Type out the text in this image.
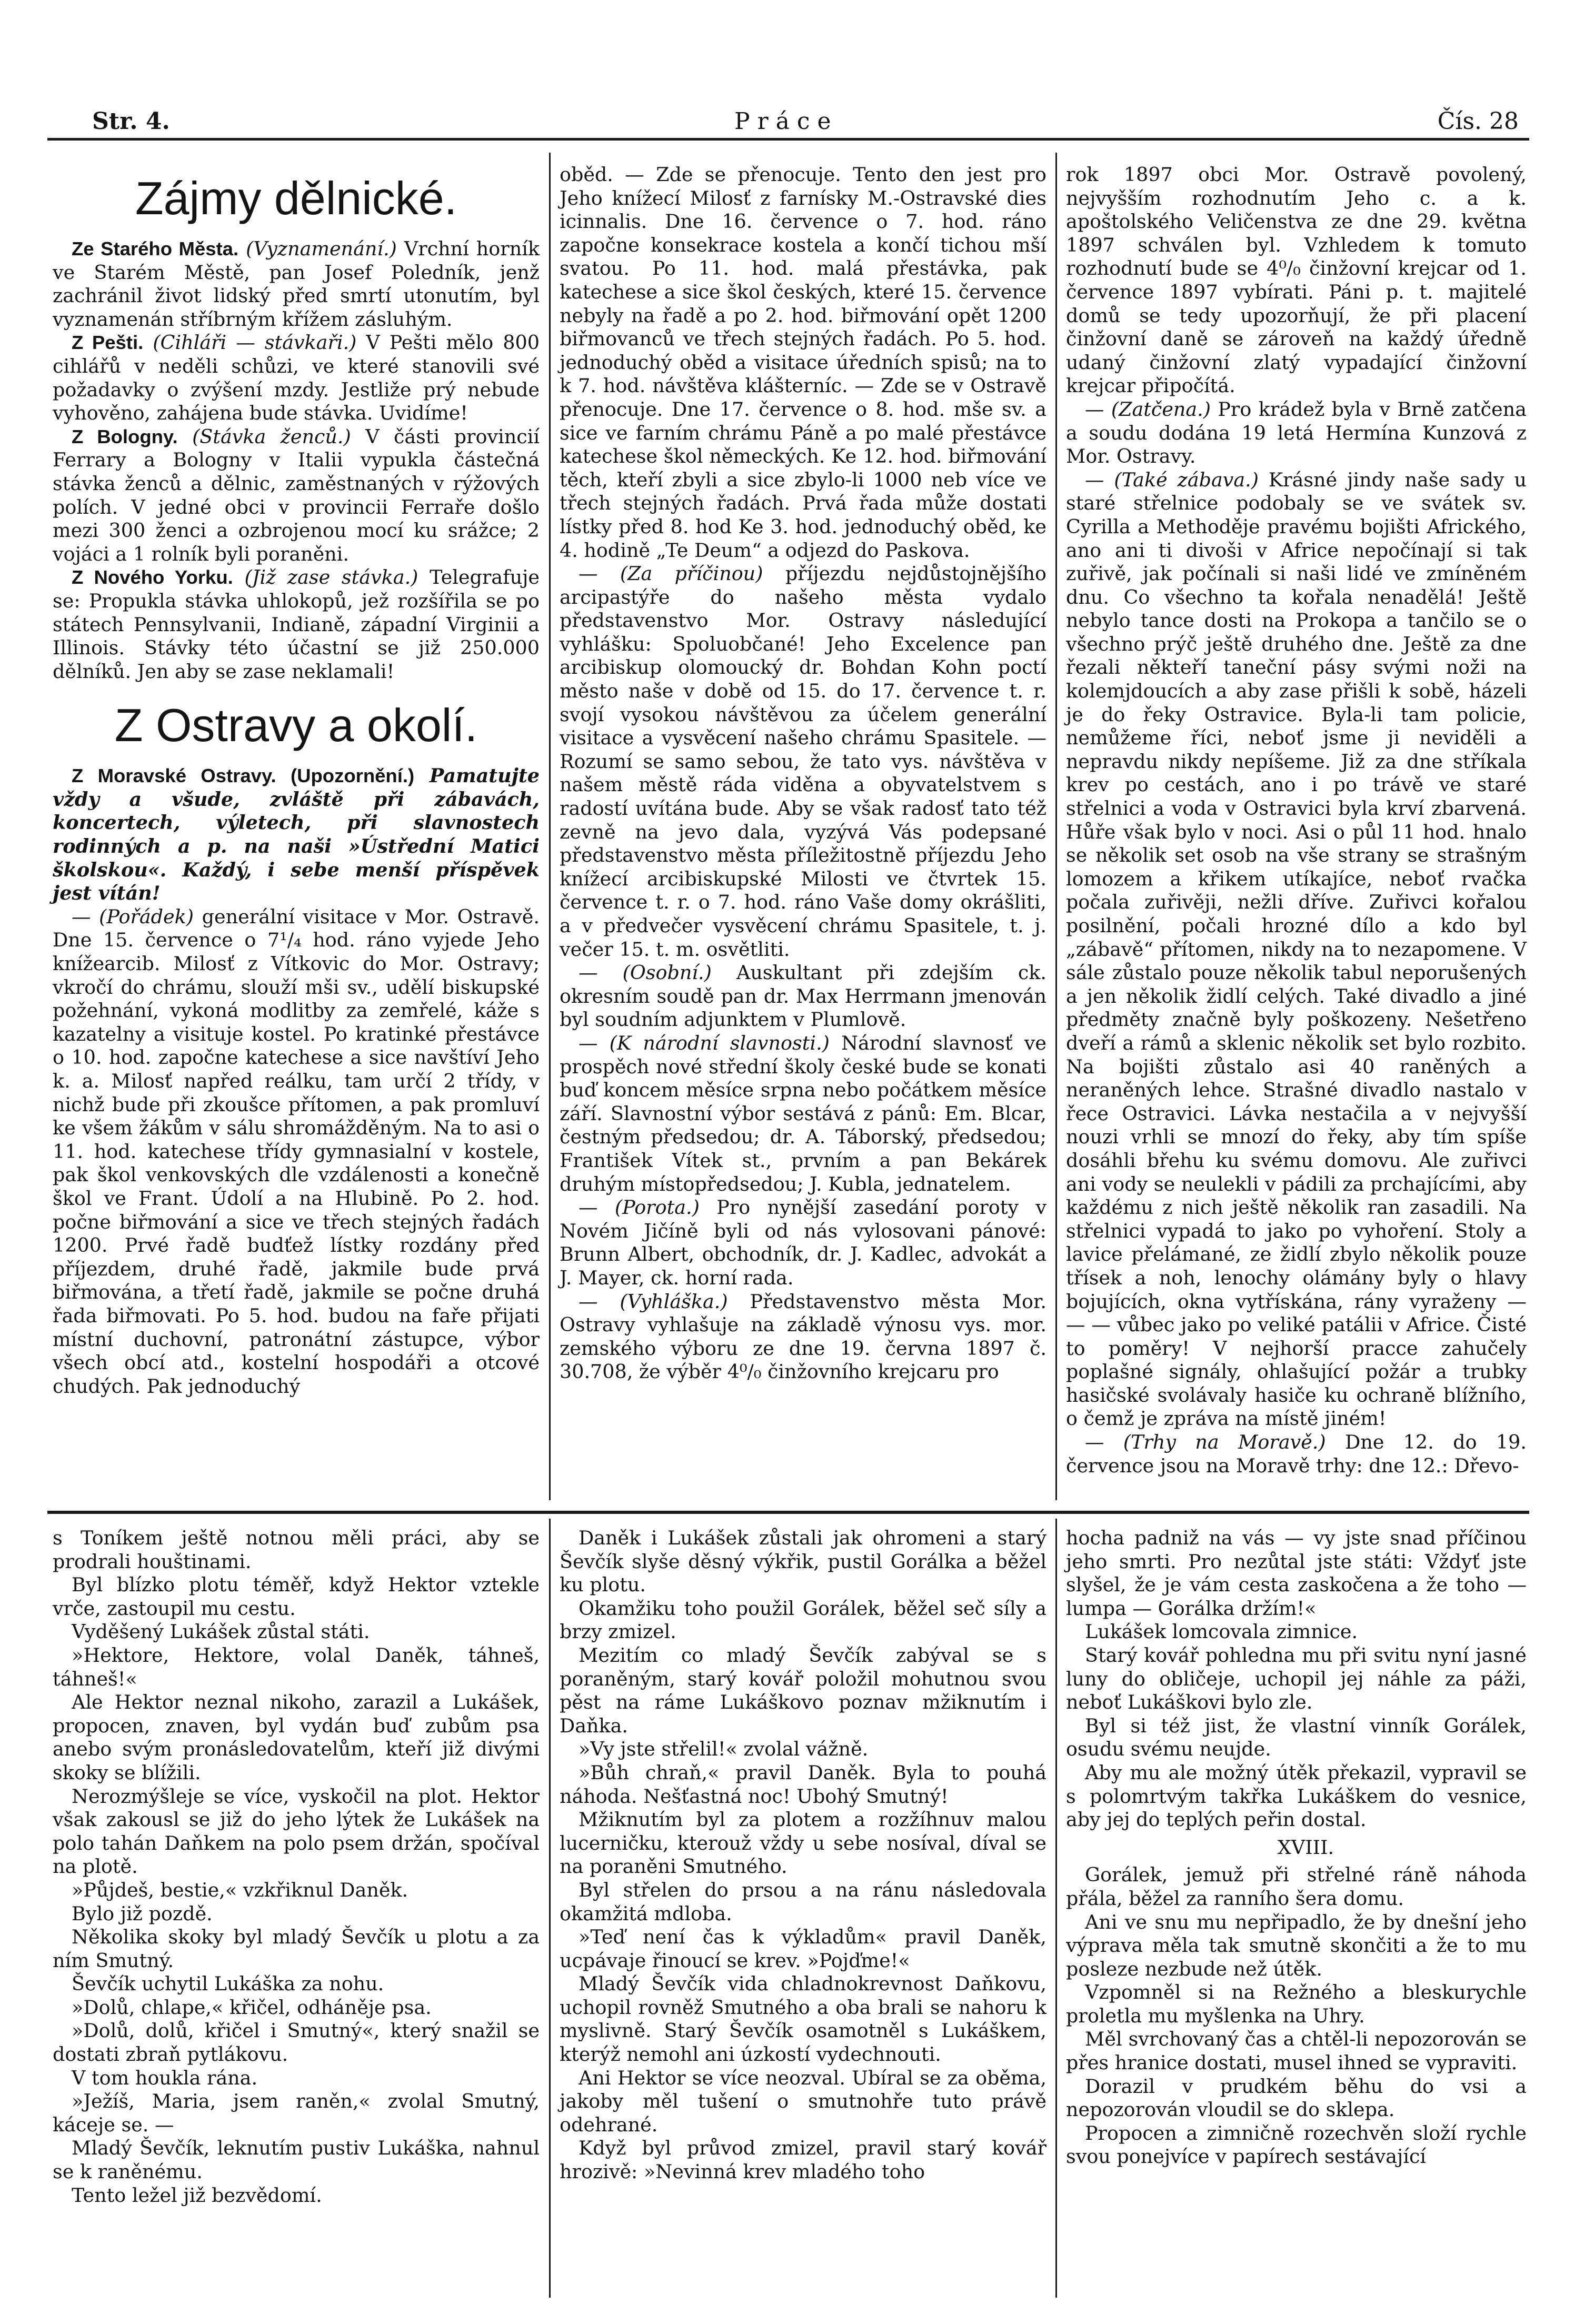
Str. 4.	P r á c e	Čís. 28
Zájmy dělnické.

Ze Starého Města. (Vyznamenání.) Vrchní horník ve Starém Městě, pan Josef Poledník, jenž zachránil život lidský před smrtí utonutím, byl vyznamenán stříbrným křížem zásluhým.

Z Pešti. (Cihláři — stávkaři.) V Pešti mělo 800 cihlářů v neděli schůzi, ve které stanovili své požadavky o zvýšení mzdy. Jestliže prý nebude vyhověno, zahájena bude stávka. Uvidíme!

Z Bologny. (Stávka ženců.) V části provincií Ferrary a Bologny v Italii vypukla částečná stávka ženců a dělnic, zaměstnaných v rýžových polích. V jedné obci v provincii Ferraře došlo mezi 300 ženci a ozbrojenou mocí ku srážce; 2 vojáci a 1 rolník byli poraněni.

Z Nového Yorku. (Již zase stávka.) Telegrafuje se: Propukla stávka uhlokopů, jež rozšířila se po státech Pennsylvanii, Indianě, západní Virginii a Illinois. Stávky této účastní se již 250.000 dělníků. Jen aby se zase neklamali!

Z Ostravy a okolí.

Z Moravské Ostravy. (Upozornění.) Pamatujte vždy a všude, zvláště při zábavách, koncertech, výletech, při slavnostech rodinných a p. na naši »Ústřední Matici školskou«. Každý, i sebe menší příspěvek jest vítán!

— (Pořádek) generální visitace v Mor. Ostravě. Dne 15. července o 7¹/₄ hod. ráno vyjede Jeho knížearcib. Milosť z Vítkovic do Mor. Ostravy; vkročí do chrámu, slouží mši sv., udělí biskupské požehnání, vykoná modlitby za zemřelé, káže s kazatelny a visituje kostel. Po kratinké přestávce o 10. hod. započne katechese a sice navštíví Jeho k. a. Milosť napřed reálku, tam určí 2 třídy, v nichž bude při zkoušce přítomen, a pak promluví ke všem žákům v sálu shromážděným. Na to asi o 11. hod. katechese třídy gymnasialní v kostele, pak škol venkovských dle vzdálenosti a konečně škol ve Frant. Údolí a na Hlubině. Po 2. hod. počne biřmování a sice ve třech stejných řadách 1200. Prvé řadě budťež lístky rozdány před příjezdem, druhé řadě, jakmile bude prvá biřmována, a třetí řadě, jakmile se počne druhá řada biřmovati. Po 5. hod. budou na faře přijati místní duchovní, patronátní zástupce, výbor všech obcí atd., kostelní hospodáři a otcové chudých. Pak jednoduchý

oběd. — Zde se přenocuje. Tento den jest pro Jeho knížecí Milosť z farnísky M.-Ostravské dies icinnalis. Dne 16. července o 7. hod. ráno započne konsekrace kostela a končí tichou mší svatou. Po 11. hod. malá přestávka, pak katechese a sice škol českých, které 15. července nebyly na řadě a po 2. hod. biřmování opět 1200 biřmovanců ve třech stejných řadách. Po 5. hod. jednoduchý oběd a visitace úředních spisů; na to k 7. hod. návštěva klášterníc. — Zde se v Ostravě přenocuje. Dne 17. července o 8. hod. mše sv. a sice ve farním chrámu Páně a po malé přestávce katechese škol německých. Ke 12. hod. biřmování těch, kteří zbyli a sice zbylo-li 1000 neb více ve třech stejných řadách. Prvá řada může dostati lístky před 8. hod Ke 3. hod. jednoduchý oběd, ke 4. hodině „Te Deum“ a odjezd do Paskova.

— (Za příčinou) příjezdu nejdůstojnějšího arcipastýře do našeho města vydalo představenstvo Mor. Ostravy následující vyhlášku: Spoluobčané! Jeho Excelence pan arcibiskup olomoucký dr. Bohdan Kohn poctí město naše v době od 15. do 17. července t. r. svojí vysokou návštěvou za účelem generální visitace a vysvěcení našeho chrámu Spasitele. — Rozumí se samo sebou, že tato vys. návštěva v našem městě ráda viděna a obyvatelstvem s radostí uvítána bude. Aby se však radosť tato též zevně na jevo dala, vyzývá Vás podepsané představenstvo města příležitostně příjezdu Jeho knížecí arcibiskupské Milosti ve čtvrtek 15. července t. r. o 7. hod. ráno Vaše domy okrášliti, a v předvečer vysvěcení chrámu Spasitele, t. j. večer 15. t. m. osvětliti.

— (Osobní.) Auskultant při zdejším ck. okresním soudě pan dr. Max Herrmann jmenován byl soudním adjunktem v Plumlově.

— (K národní slavnosti.) Národní slavnosť ve prospěch nové střední školy české bude se konati buď koncem měsíce srpna nebo počátkem měsíce září. Slavnostní výbor sestává z pánů: Em. Blcar, čestným předsedou; dr. A. Táborský, předsedou; František Vítek st., prvním a pan Bekárek druhým místopředsedou; J. Kubla, jednatelem.

— (Porota.) Pro nynější zasedání poroty v Novém Jičíně byli od nás vylosovani pánové: Brunn Albert, obchodník, dr. J. Kadlec, advokát a J. Mayer, ck. horní rada.

— (Vyhláška.) Představenstvo města Mor. Ostravy vyhlašuje na základě výnosu vys. mor. zemského výboru ze dne 19. června 1897 č. 30.708, že výběr 4⁰/₀ činžovního krejcaru pro

rok 1897 obci Mor. Ostravě povolený, nejvyšším rozhodnutím Jeho c. a k. apoštolského Veličenstva ze dne 29. května 1897 schválen byl. Vzhledem k tomuto rozhodnutí bude se 4⁰/₀ činžovní krejcar od 1. července 1897 vybírati. Páni p. t. majitelé domů se tedy upozorňují, že při placení činžovní daně se zároveň na každý úředně udaný činžovní zlatý vypadající činžovní krejcar připočítá.

— (Zatčena.) Pro krádež byla v Brně zatčena a soudu dodána 19 letá Hermína Kunzová z Mor. Ostravy.

— (Také zábava.) Krásné jindy naše sady u staré střelnice podobaly se ve svátek sv. Cyrilla a Methoděje pravému bojišti Afrického, ano ani ti divoši v Africe nepočínají si tak zuřivě, jak počínali si naši lidé ve zmíněném dnu. Co všechno ta kořala nenadělá! Ještě nebylo tance dosti na Prokopa a tančilo se o všechno prýč ještě druhého dne. Ještě za dne řezali někteří taneční pásy svými noži na kolemjdoucích a aby zase přišli k sobě, házeli je do řeky Ostravice. Byla-li tam policie, nemůžeme říci, neboť jsme ji neviděli a nepravdu nikdy nepíšeme. Již za dne stříkala krev po cestách, ano i po trávě ve staré střelnici a voda v Ostravici byla krví zbarvená. Hůře však bylo v noci. Asi o půl 11 hod. hnalo se několik set osob na vše strany se strašným lomozem a křikem utíkajíce, neboť rvačka počala zuřivěji, nežli dříve. Zuřivci kořalou posilnění, počali hrozné dílo a kdo byl „zábavě“ přítomen, nikdy na to nezapomene. V sále zůstalo pouze několik tabul neporušených a jen několik židlí celých. Také divadlo a jiné předměty značně byly poškozeny. Nešetřeno dveří a rámů a sklenic několik set bylo rozbito. Na bojišti zůstalo asi 40 raněných a neraněných lehce. Strašné divadlo nastalo v řece Ostravici. Lávka nestačila a v nejvyšší nouzi vrhli se mnozí do řeky, aby tím spíše dosáhli břehu ku svému domovu. Ale zuřivci ani vody se neulekli v pádili za prchajícími, aby každému z nich ještě několik ran zasadili. Na střelnici vypadá to jako po vyhoření. Stoly a lavice přelámané, ze židlí zbylo několik pouze třísek a noh, lenochy olámány byly o hlavy bojujících, okna vytřískána, rány vyraženy — — — vůbec jako po veliké patálii v Africe. Čisté to poměry! V nejhorší pracce zahučely poplašné signály, ohlašující požár a trubky hasičské svolávaly hasiče ku ochraně blížního, o čemž je zpráva na místě jiném!

— (Trhy na Moravě.) Dne 12. do 19. července jsou na Moravě trhy: dne 12.: Dřevo-

s Toníkem ještě notnou měli práci, aby se prodrali houštinami.

Byl blízko plotu téměř, když Hektor vztekle vrče, zastoupil mu cestu.

Vyděšený Lukášek zůstal státi.

»Hektore, Hektore, volal Daněk, táhneš, táhneš!«

Ale Hektor neznal nikoho, zarazil a Lukášek, propocen, znaven, byl vydán buď zubům psa anebo svým pronásledovatelům, kteří již divými skoky se blížili.

Nerozmýšleje se více, vyskočil na plot. Hektor však zakousl se již do jeho lýtek že Lukášek na polo tahán Daňkem na polo psem držán, spočíval na plotě.

»Půjdeš, bestie,« vzkřiknul Daněk.

Bylo již pozdě.

Několika skoky byl mladý Ševčík u plotu a za ním Smutný.

Ševčík uchytil Lukáška za nohu.

»Dolů, chlape,« křičel, odháněje psa.

»Dolů, dolů, křičel i Smutný«, který snažil se dostati zbraň pytlákovu.

V tom houkla rána.

»Ježíš, Maria, jsem raněn,« zvolal Smutný, káceje se. —

Mladý Ševčík, leknutím pustiv Lukáška, nahnul se k raněnému.

Tento ležel již bezvědomí.

Daněk i Lukášek zůstali jak ohromeni a starý Ševčík slyše děsný výkřik, pustil Gorálka a běžel ku plotu.

Okamžiku toho použil Gorálek, běžel seč síly a brzy zmizel.

Mezitím co mladý Ševčík zabýval se s poraněným, starý kovář položil mohutnou svou pěst na ráme Lukáškovo poznav mžiknutím i Daňka.

»Vy jste střelil!« zvolal vážně.

»Bůh chraň,« pravil Daněk. Byla to pouhá náhoda. Nešťastná noc! Ubohý Smutný!

Mžiknutím byl za plotem a rozžíhnuv malou lucerničku, kterouž vždy u sebe nosíval, díval se na poraněni Smutného.

Byl střelen do prsou a na ránu následovala okamžitá mdloba.

»Teď není čas k výkladům« pravil Daněk, ucpávaje řinoucí se krev. »Pojďme!«

Mladý Ševčík vida chladnokrevnost Daňkovu, uchopil rovněž Smutného a oba brali se nahoru k myslivně. Starý Ševčík osamotněl s Lukáškem, kterýž nemohl ani úzkostí vydechnouti.

Ani Hektor se více neozval. Ubíral se za oběma, jakoby měl tušení o smutnohře tuto právě odehrané.

Když byl průvod zmizel, pravil starý kovář hrozivě: »Nevinná krev mladého toho

hocha padniž na vás — vy jste snad příčinou jeho smrti. Pro nezůtal jste státi: Vždyť jste slyšel, že je vám cesta zaskočena a že toho — lumpa — Gorálka držím!«

Lukášek lomcovala zimnice.

Starý kovář pohledna mu při svitu nyní jasné luny do obličeje, uchopil jej náhle za páži, neboť Lukáškovi bylo zle.

Byl si též jist, že vlastní vinník Gorálek, osudu svému neujde.

Aby mu ale možný útěk překazil, vypravil se s polomrtvým takřka Lukáškem do vesnice, aby jej do teplých peřin dostal.

XVIII.

Gorálek, jemuž při střelné ráně náhoda přála, běžel za ranního šera domu.

Ani ve snu mu nepřipadlo, že by dnešní jeho výprava měla tak smutně skončiti a že to mu posleze nezbude než útěk.

Vzpomněl si na Režného a bleskurychle proletla mu myšlenka na Uhry.

Měl svrchovaný čas a chtěl-li nepozorován se přes hranice dostati, musel ihned se vypraviti.

Dorazil v prudkém běhu do vsi a nepozorován vloudil se do sklepa.

Propocen a zimničně rozechvěn složí rychle svou ponejvíce v papírech sestávající
